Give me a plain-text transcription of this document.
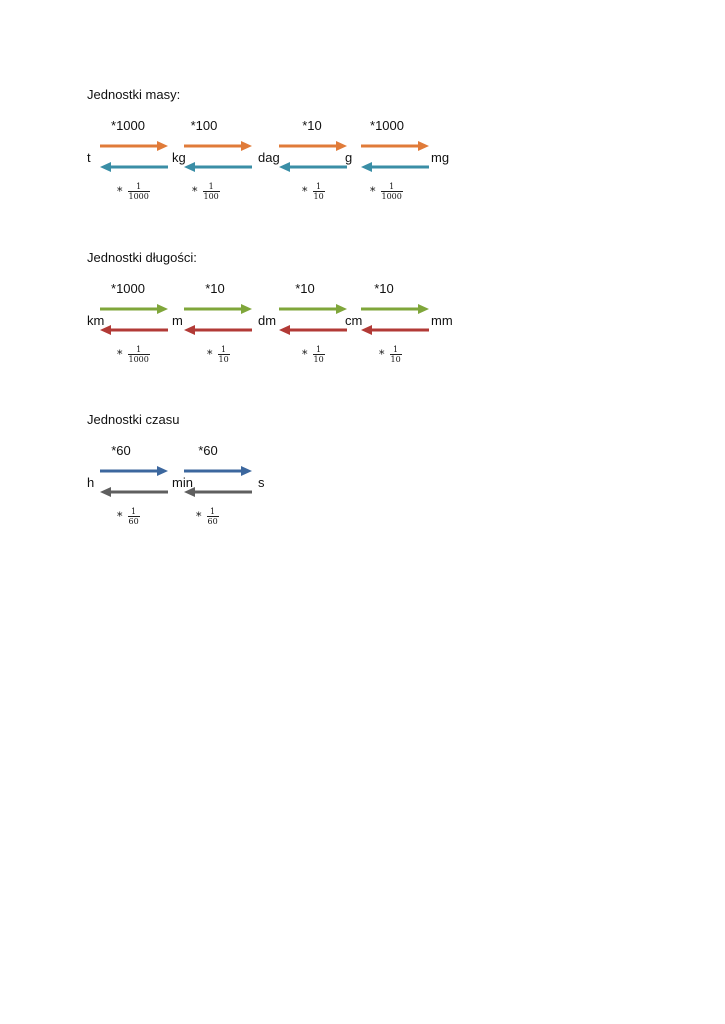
Jednostki masy:
*1000	*100	*10	*1000
t	kg	dag	g	mg
* $\frac{1}{1000}$	* $\frac{1}{100}$	* $\frac{1}{10}$	* $\frac{1}{1000}$
Jednostki długości:
*1000	*10	*10	*10
km	m	dm	cm	mm
* $\frac{1}{1000}$	* $\frac{1}{10}$	* $\frac{1}{10}$	* $\frac{1}{10}$
Jednostki czasu
*60	*60
h	min	s
* $\frac{1}{60}$	* $\frac{1}{60}$
